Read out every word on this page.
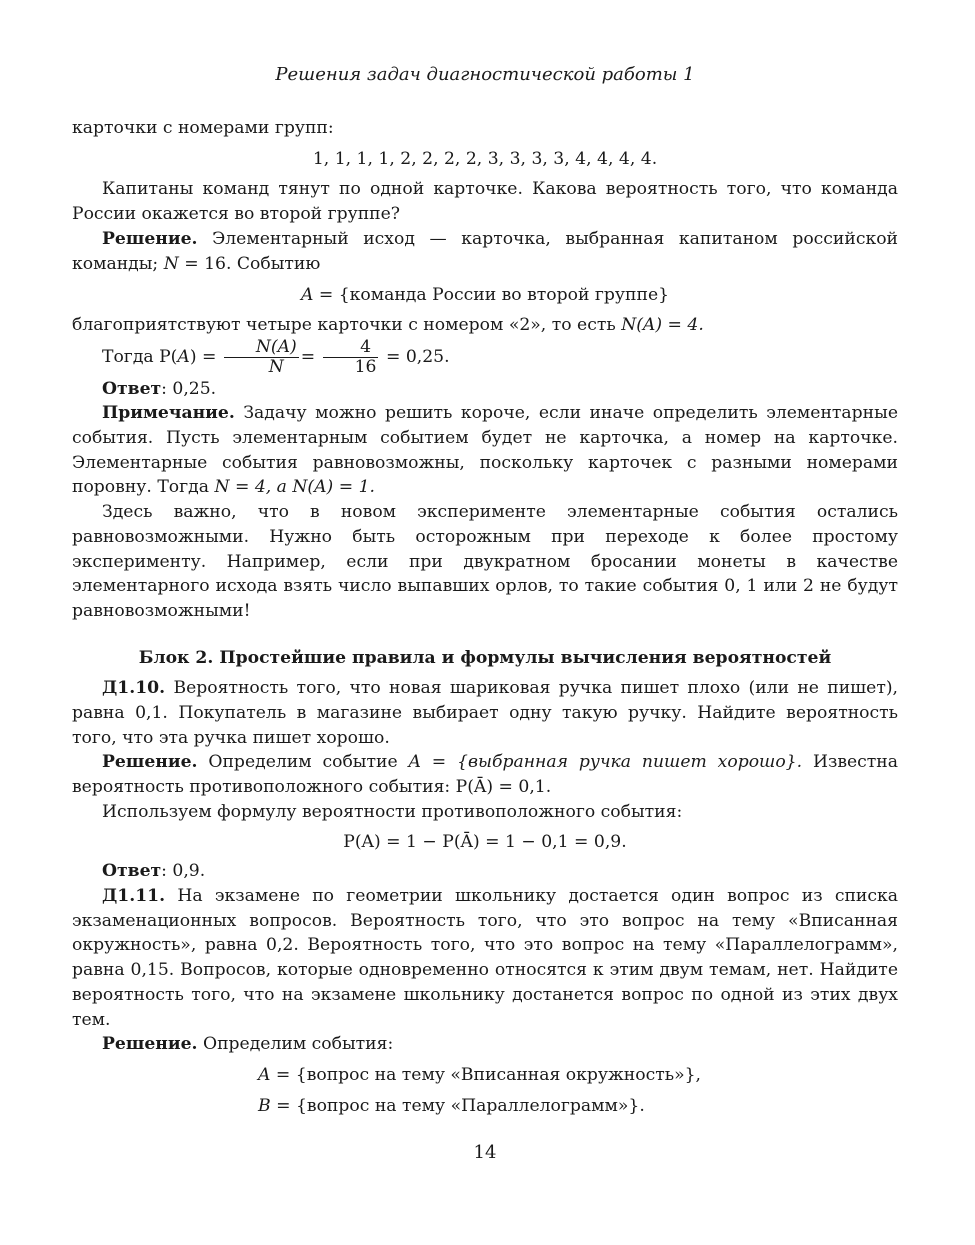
Решения задач диагностической работы 1

карточки с номерами групп:

1, 1, 1, 1, 2, 2, 2, 2, 3, 3, 3, 3, 4, 4, 4, 4.

Капитаны команд тянут по одной карточке. Какова вероятность того, что команда России окажется во второй группе?

Решение. Элементарный исход — карточка, выбранная капитаном российской команды; N = 16. Событию

A = {команда России во второй группе}

благоприятствуют четыре карточки с номером «2», то есть N(A) = 4.

Тогда $P(A) = \frac{N(A)}{N} = \frac{4}{16} = 0,25$.

Ответ: 0,25.

Примечание. Задачу можно решить короче, если иначе определить элементарные события. Пусть элементарным событием будет не карточка, а номер на карточке. Элементарные события равновозможны, поскольку карточек с разными номерами поровну. Тогда N = 4, а N(A) = 1.

Здесь важно, что в новом эксперименте элементарные события остались равновозможными. Нужно быть осторожным при переходе к более простому эксперименту. Например, если при двукратном бросании монеты в качестве элементарного исхода взять число выпавших орлов, то такие события 0, 1 или 2 не будут равновозможными!

Блок 2. Простейшие правила и формулы вычисления вероятностей

Д1.10. Вероятность того, что новая шариковая ручка пишет плохо (или не пишет), равна 0,1. Покупатель в магазине выбирает одну такую ручку. Найдите вероятность того, что эта ручка пишет хорошо.

Решение. Определим событие A = {выбранная ручка пишет хорошо}. Известна вероятность противоположного события: P(Ā) = 0,1.

Используем формулу вероятности противоположного события:

P(A) = 1 − P(Ā) = 1 − 0,1 = 0,9.

Ответ: 0,9.

Д1.11. На экзамене по геометрии школьнику достается один вопрос из списка экзаменационных вопросов. Вероятность того, что это вопрос на тему «Вписанная окружность», равна 0,2. Вероятность того, что это вопрос на тему «Параллелограмм», равна 0,15. Вопросов, которые одновременно относятся к этим двум темам, нет. Найдите вероятность того, что на экзамене школьнику достанется вопрос по одной из этих двух тем.

Решение. Определим события:

A = {вопрос на тему «Вписанная окружность»},

B = {вопрос на тему «Параллелограмм»}.

14
